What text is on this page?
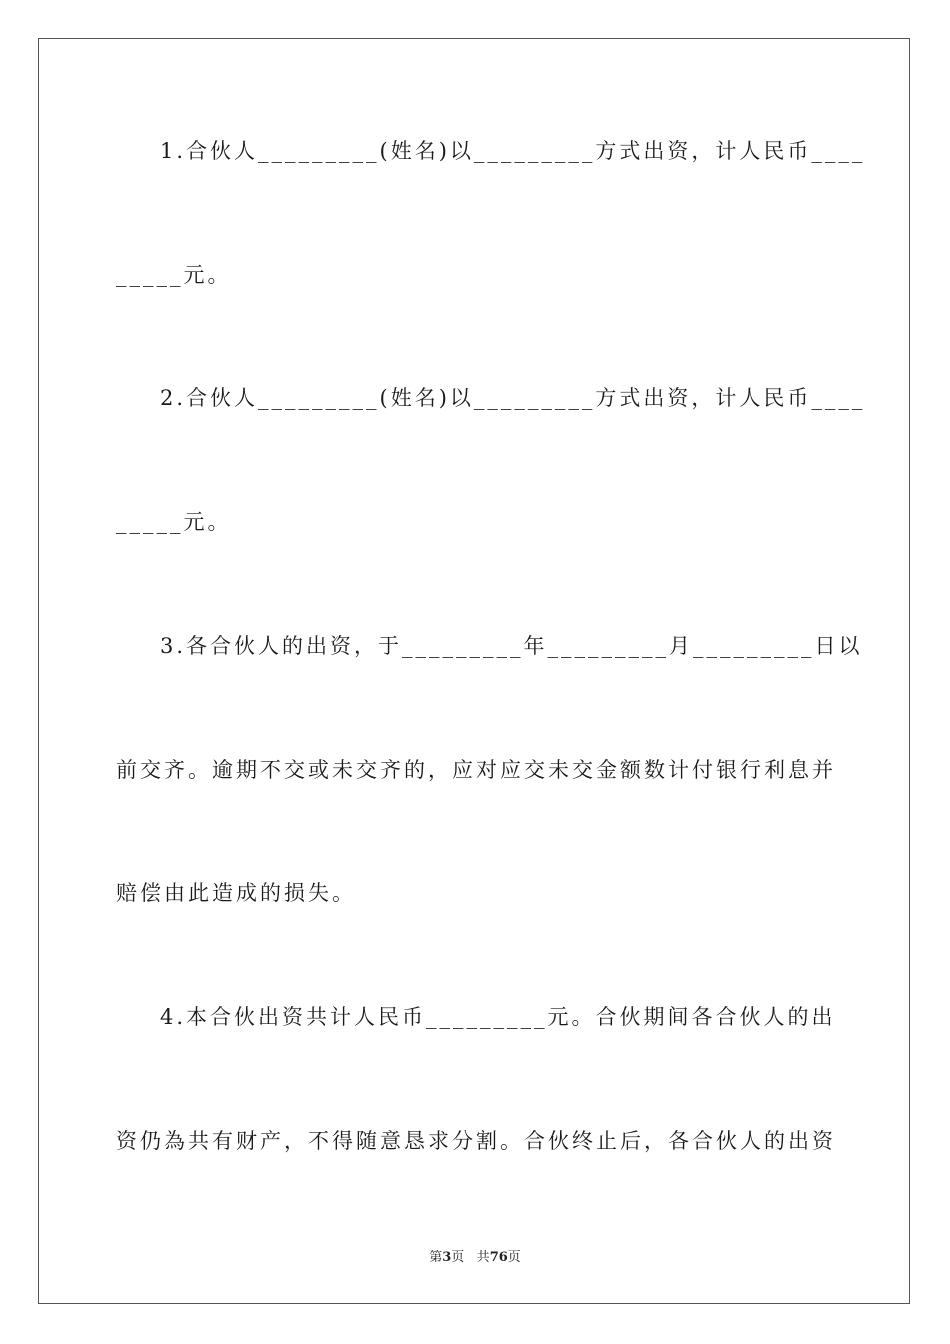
1.合伙人_________(姓名)以_________方式出资，计人民币____
_____元。
2.合伙人_________(姓名)以_________方式出资，计人民币____
_____元。
3.各合伙人的出资，于_________年_________月_________日以
前交齐。逾期不交或未交齐的，应对应交未交金额数计付银行利息并
赔偿由此造成的损失。
4.本合伙出资共计人民币_________元。合伙期间各合伙人的出
资仍為共有财产，不得随意恳求分割。合伙终止后，各合伙人的出资
第3页 共76页
